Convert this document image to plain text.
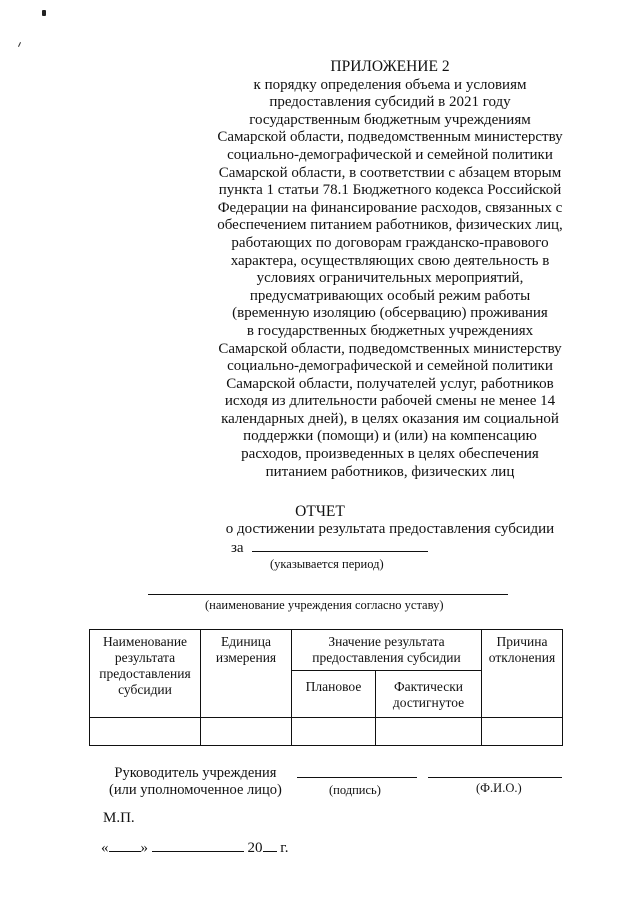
ПРИЛОЖЕНИЕ 2
к порядку определения объема и условиям
предоставления субсидий в 2021 году
государственным бюджетным учреждениям
Самарской области, подведомственным министерству
социально-демографической и семейной политики
Самарской области, в соответствии с абзацем вторым
пункта 1 статьи 78.1 Бюджетного кодекса Российской
Федерации на финансирование расходов, связанных с
обеспечением питанием работников, физических лиц,
работающих по договорам гражданско-правового
характера, осуществляющих свою деятельность в
условиях ограничительных мероприятий,
предусматривающих особый режим работы
(временную изоляцию (обсервацию) проживания
в государственных бюджетных учреждениях
Самарской области, подведомственных министерству
социально-демографической и семейной политики
Самарской области, получателей услуг, работников
исходя из длительности рабочей смены не менее 14
календарных дней), в целях оказания им социальной
поддержки (помощи) и (или) на компенсацию
расходов, произведенных в целях обеспечения
питанием работников, физических лиц
ОТЧЕТ
о достижении результата предоставления субсидии
за
(указывается период)
(наименование учреждения согласно уставу)
Наименование результата предоставления субсидии	Единица измерения	Значение результата предоставления субсидии		Причина отклонения
		Плановое	Фактически достигнутое	

Руководитель учреждения
(или уполномоченное лицо)	(подпись)	(Ф.И.О.)
М.П.
« »	20 г.
